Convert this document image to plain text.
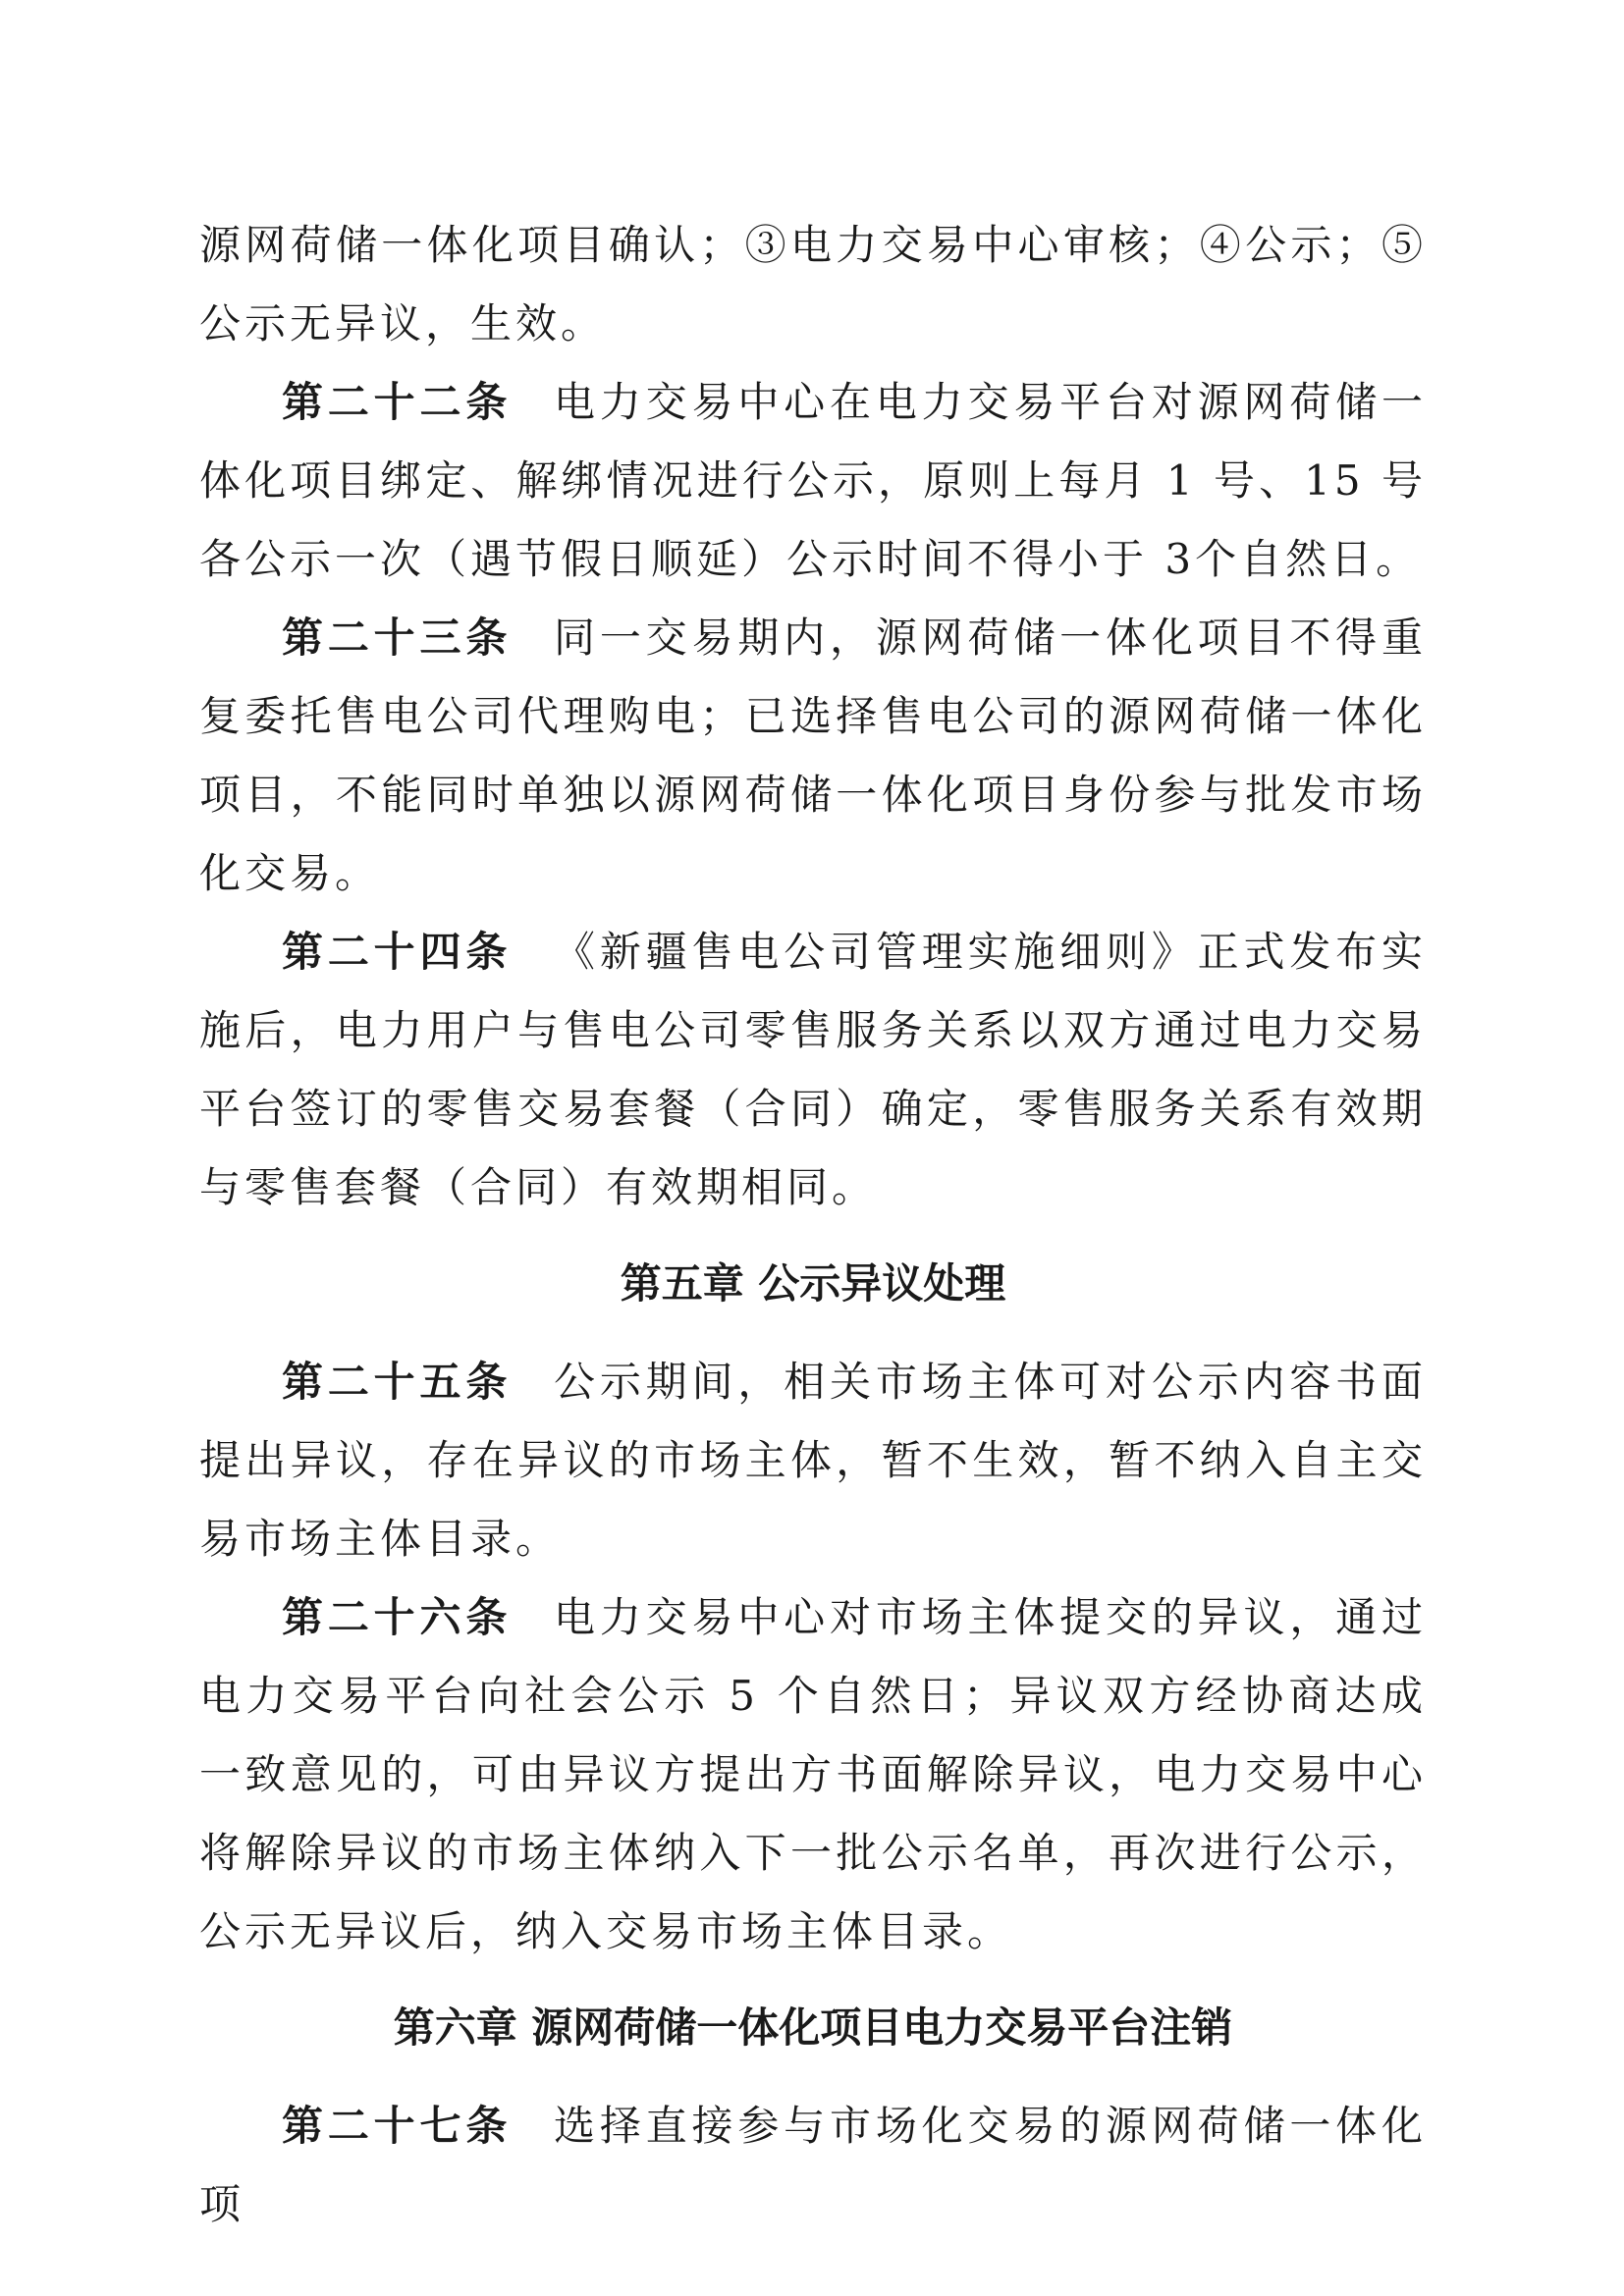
源网荷储一体化项目确认；③电力交易中心审核；④公示；⑤公示无异议，生效。

第二十二条 电力交易中心在电力交易平台对源网荷储一体化项目绑定、解绑情况进行公示，原则上每月 1 号、15 号各公示一次（遇节假日顺延）公示时间不得小于 3个自然日。

第二十三条 同一交易期内，源网荷储一体化项目不得重复委托售电公司代理购电；已选择售电公司的源网荷储一体化项目，不能同时单独以源网荷储一体化项目身份参与批发市场化交易。

第二十四条 《新疆售电公司管理实施细则》正式发布实施后，电力用户与售电公司零售服务关系以双方通过电力交易平台签订的零售交易套餐（合同）确定，零售服务关系有效期与零售套餐（合同）有效期相同。

第五章 公示异议处理

第二十五条 公示期间，相关市场主体可对公示内容书面提出异议，存在异议的市场主体，暂不生效，暂不纳入自主交易市场主体目录。

第二十六条 电力交易中心对市场主体提交的异议，通过电力交易平台向社会公示 5 个自然日；异议双方经协商达成一致意见的，可由异议方提出方书面解除异议，电力交易中心将解除异议的市场主体纳入下一批公示名单，再次进行公示，公示无异议后，纳入交易市场主体目录。

第六章 源网荷储一体化项目电力交易平台注销

第二十七条 选择直接参与市场化交易的源网荷储一体化项
